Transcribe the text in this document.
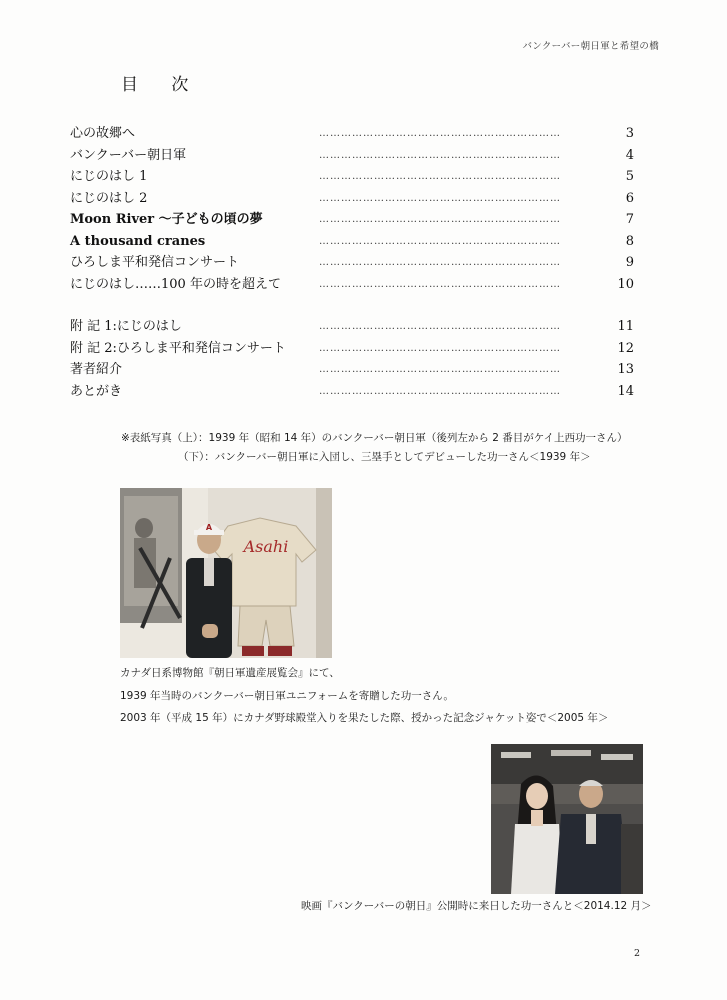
バンクーバー朝日軍と希望の橋
目 次
心の故郷へ	…………………………………………………………	3
バンクーバー朝日軍	…………………………………………………………	4
にじのはし 1	…………………………………………………………	5
にじのはし 2	…………………………………………………………	6
Moon River ～子どもの頃の夢	…………………………………………………………	7
A thousand cranes	…………………………………………………………	8
ひろしま平和発信コンサート	…………………………………………………………	9
にじのはし……100 年の時を超えて	…………………………………………………………	10
附 記 1:にじのはし	…………………………………………………………	11
附 記 2:ひろしま平和発信コンサート	…………………………………………………………	12
著者紹介	…………………………………………………………	13
あとがき	…………………………………………………………	14
※表紙写真（上）：1939 年（昭和 14 年）のバンクーバー朝日軍（後列左から 2 番目がケイ上西功一さん）
（下）：バンクーバー朝日軍に入団し、三塁手としてデビューした功一さん＜1939 年＞
Asahi
A
カナダ日系博物館『朝日軍遺産展覧会』にて、
1939 年当時のバンクーバー朝日軍ユニフォームを寄贈した功一さん。
2003 年（平成 15 年）にカナダ野球殿堂入りを果たした際、授かった記念ジャケット姿で＜2005 年＞
映画『バンクーバーの朝日』公開時に来日した功一さんと＜2014.12 月＞
2
